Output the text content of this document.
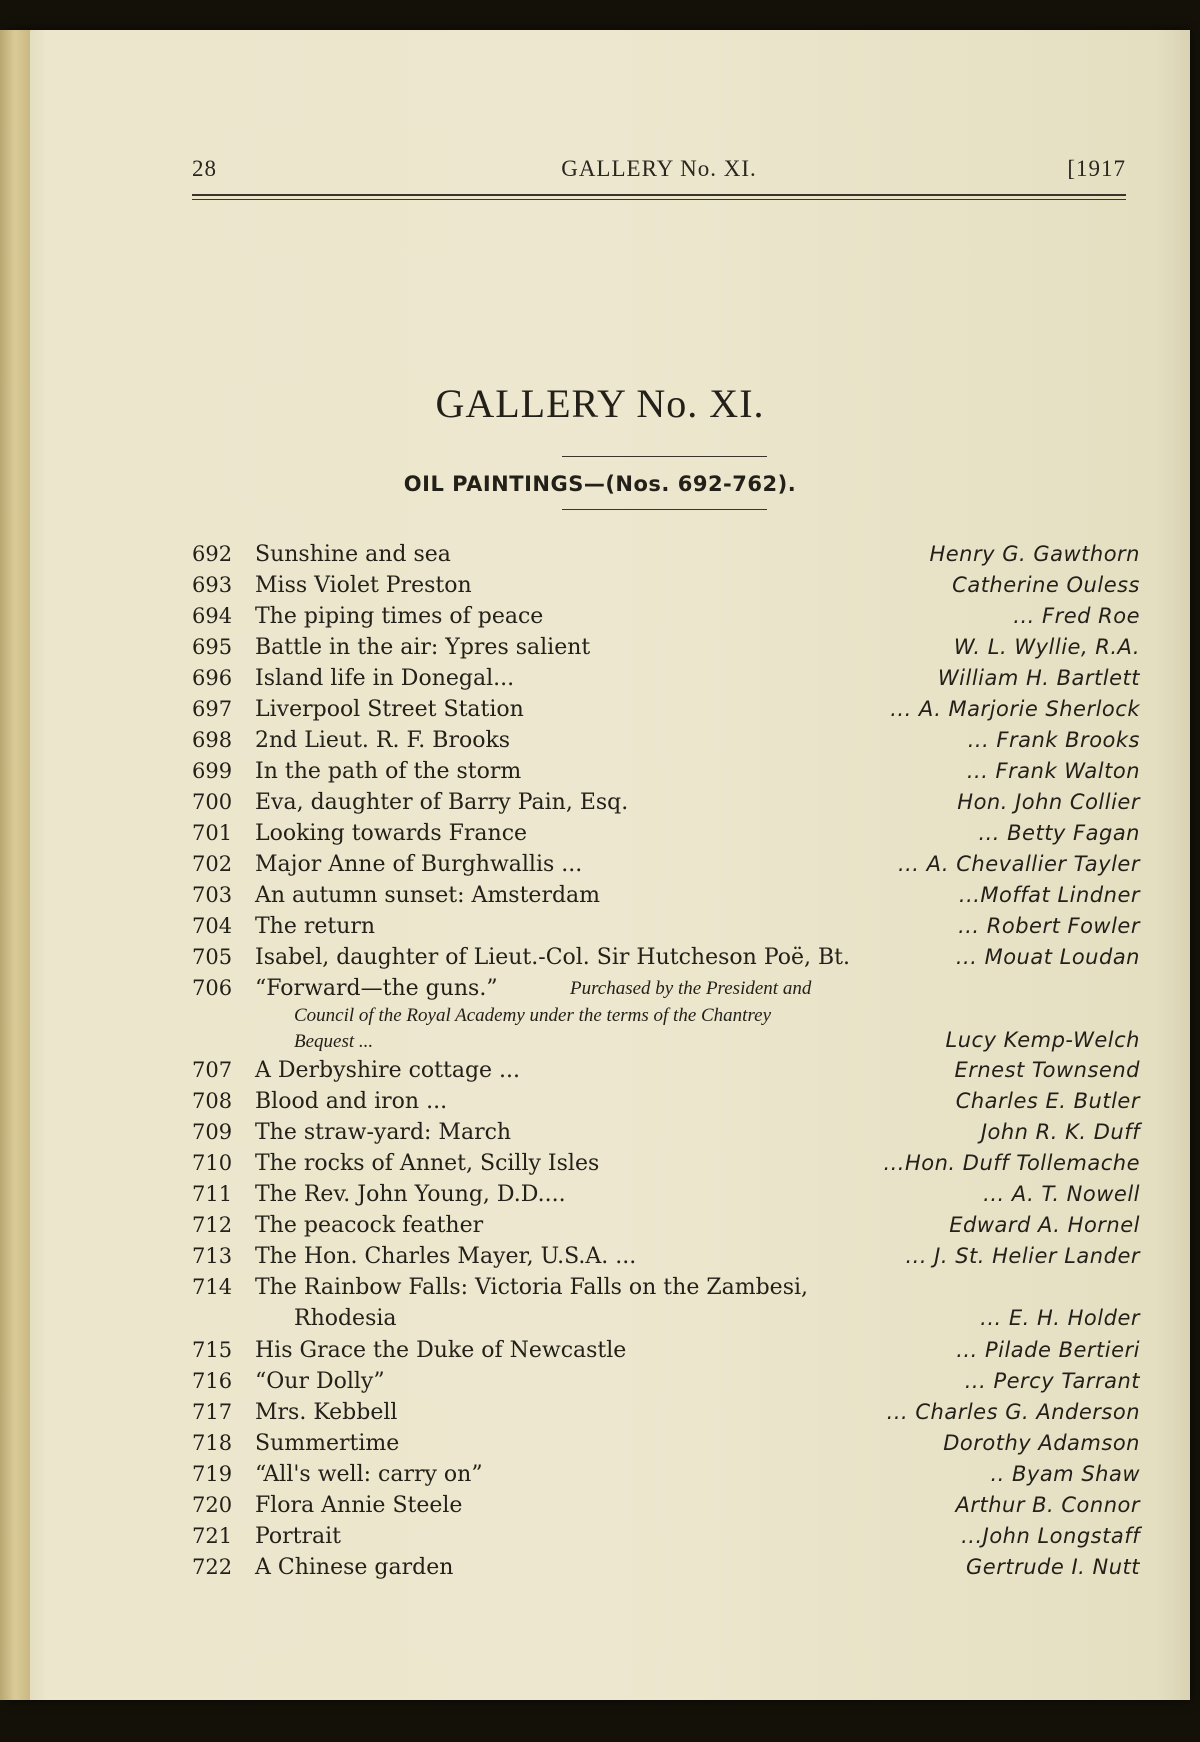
28	GALLERY No. XI.	[1917
GALLERY No. XI.
OIL PAINTINGS—(Nos. 692-762).
692 Sunshine and sea	Henry G. Gawthorn
693 Miss Violet Preston	Catherine Ouless
694 The piping times of peace	... Fred Roe
695 Battle in the air: Ypres salient	W. L. Wyllie, R.A.
696 Island life in Donegal...	William H. Bartlett
697 Liverpool Street Station	... A. Marjorie Sherlock
698 2nd Lieut. R. F. Brooks	... Frank Brooks
699 In the path of the storm	... Frank Walton
700 Eva, daughter of Barry Pain, Esq.	Hon. John Collier
701 Looking towards France	... Betty Fagan
702 Major Anne of Burghwallis ...	... A. Chevallier Tayler
703 An autumn sunset: Amsterdam	...Moffat Lindner
704 The return	... Robert Fowler
705 Isabel, daughter of Lieut.-Col. Sir Hutcheson Poë, Bt.	... Mouat Loudan
706 “Forward—the guns.”	Purchased by the President and
Council of the Royal Academy under the terms of the Chantrey
Bequest ...	Lucy Kemp-Welch
707 A Derbyshire cottage ...	Ernest Townsend
708 Blood and iron ...	Charles E. Butler
709 The straw-yard: March	John R. K. Duff
710 The rocks of Annet, Scilly Isles	...Hon. Duff Tollemache
711 The Rev. John Young, D.D....	... A. T. Nowell
712 The peacock feather	Edward A. Hornel
713 The Hon. Charles Mayer, U.S.A. ...	... J. St. Helier Lander
714 The Rainbow Falls: Victoria Falls on the Zambesi,
Rhodesia	... E. H. Holder
715 His Grace the Duke of Newcastle	... Pilade Bertieri
716 “Our Dolly”	... Percy Tarrant
717 Mrs. Kebbell	... Charles G. Anderson
718 Summertime	Dorothy Adamson
719 “All's well: carry on”	.. Byam Shaw
720 Flora Annie Steele	Arthur B. Connor
721 Portrait	...John Longstaff
722 A Chinese garden	Gertrude I. Nutt
